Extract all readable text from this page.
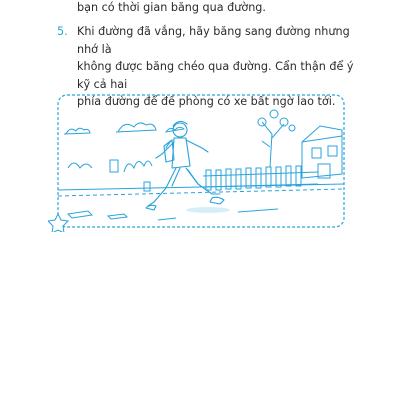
bạn có thời gian băng qua đường.
5. Khi đường đã vắng, hãy băng sang đường nhưng nhớ là
không được băng chéo qua đường. Cẩn thận để ý kỹ cả hai
phía đường để đề phòng có xe bất ngờ lao tới.
